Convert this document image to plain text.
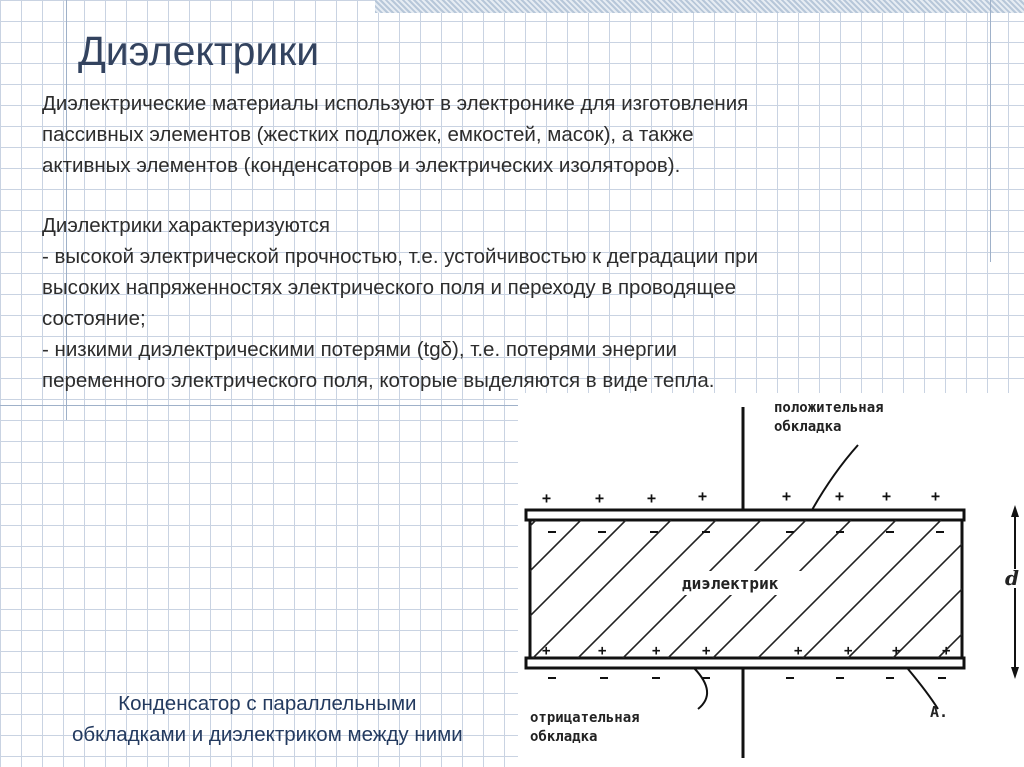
Диэлектрики
Диэлектрические материалы используют в электронике для изготовления
пассивных элементов (жестких подложек, емкостей, масок), а также
активных элементов (конденсаторов и электрических изоляторов).
Диэлектрики характеризуются
- высокой электрической прочностью, т.е. устойчивостью к деградации при
высоких напряженностях электрического поля и переходу в проводящее
состояние;
- низкими диэлектрическими потерями (tgδ), т.е. потерями энергии
переменного электрического поля, которые выделяются в виде тепла.
Конденсатор с параллельными
обкладками и диэлектриком между ними
+	+	+	+	+	+	+	+
+	+	+	+	+	+	+	+
положительная
обкладка
диэлектрик	d
отрицательная
обкладка
А.
